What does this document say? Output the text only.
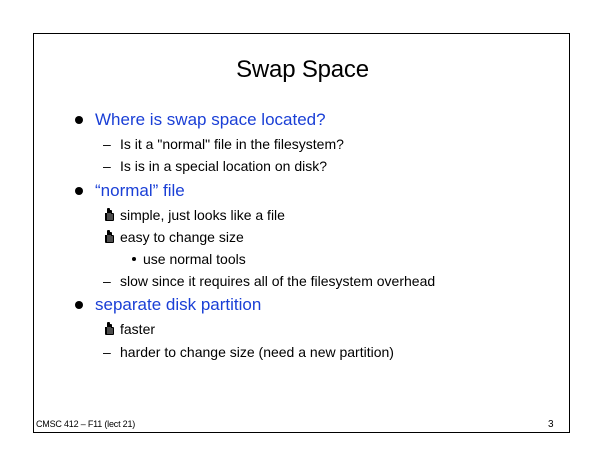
Swap Space
Where is swap space located?
– Is it a "normal" file in the filesystem?
– Is is in a special location on disk?
“normal” file
simple, just looks like a file
easy to change size
use normal tools
– slow since it requires all of the filesystem overhead
separate disk partition
faster
– harder to change size (need a new partition)
CMSC 412 – F11 (lect 21)	3
